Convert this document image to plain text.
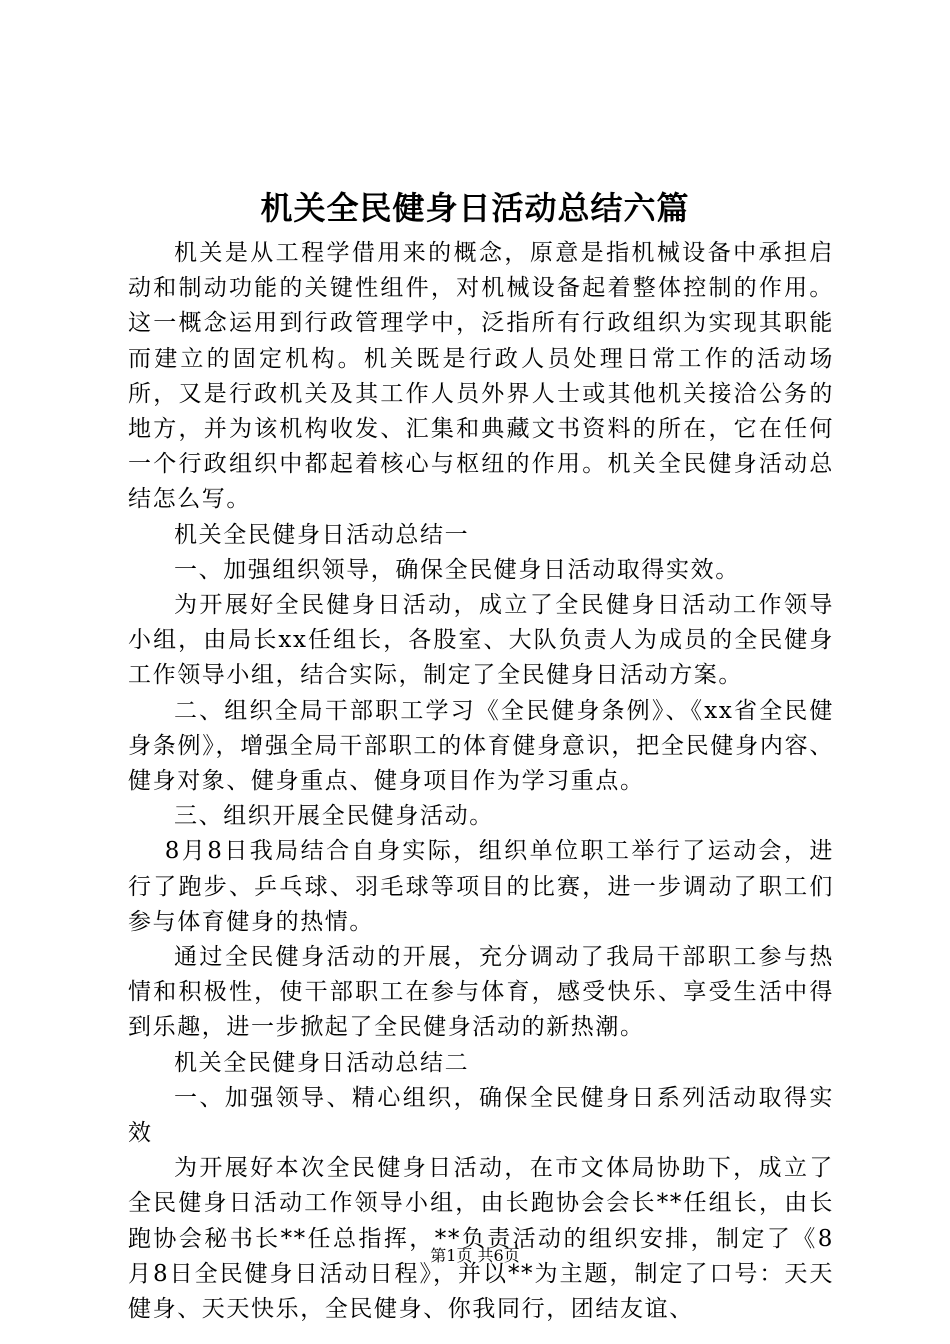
机关全民健身日活动总结六篇

机关是从工程学借用来的概念，原意是指机械设备中承担启动和制动功能的关键性组件，对机械设备起着整体控制的作用。这一概念运用到行政管理学中，泛指所有行政组织为实现其职能而建立的固定机构。机关既是行政人员处理日常工作的活动场所，又是行政机关及其工作人员外界人士或其他机关接洽公务的地方，并为该机构收发、汇集和典藏文书资料的所在，它在任何一个行政组织中都起着核心与枢纽的作用。机关全民健身活动总结怎么写。

机关全民健身日活动总结一

一、加强组织领导，确保全民健身日活动取得实效。

为开展好全民健身日活动，成立了全民健身日活动工作领导小组，由局长xx任组长，各股室、大队负责人为成员的全民健身工作领导小组，结合实际，制定了全民健身日活动方案。

二、组织全局干部职工学习《全民健身条例》、《xx省全民健身条例》，增强全局干部职工的体育健身意识，把全民健身内容、健身对象、健身重点、健身项目作为学习重点。

三、组织开展全民健身活动。

8月8日我局结合自身实际，组织单位职工举行了运动会，进行了跑步、乒乓球、羽毛球等项目的比赛，进一步调动了职工们参与体育健身的热情。

通过全民健身活动的开展，充分调动了我局干部职工参与热情和积极性，使干部职工在参与体育，感受快乐、享受生活中得到乐趣，进一步掀起了全民健身活动的新热潮。

机关全民健身日活动总结二

一、加强领导、精心组织，确保全民健身日系列活动取得实效

为开展好本次全民健身日活动，在市文体局协助下，成立了全民健身日活动工作领导小组，由长跑协会会长**任组长，由长跑协会秘书长**任总指挥，**负责活动的组织安排，制定了《8月8日全民健身日活动日程》，并以**为主题，制定了口号：天天健身、天天快乐，全民健身、你我同行，团结友谊、

第1页 共6页
